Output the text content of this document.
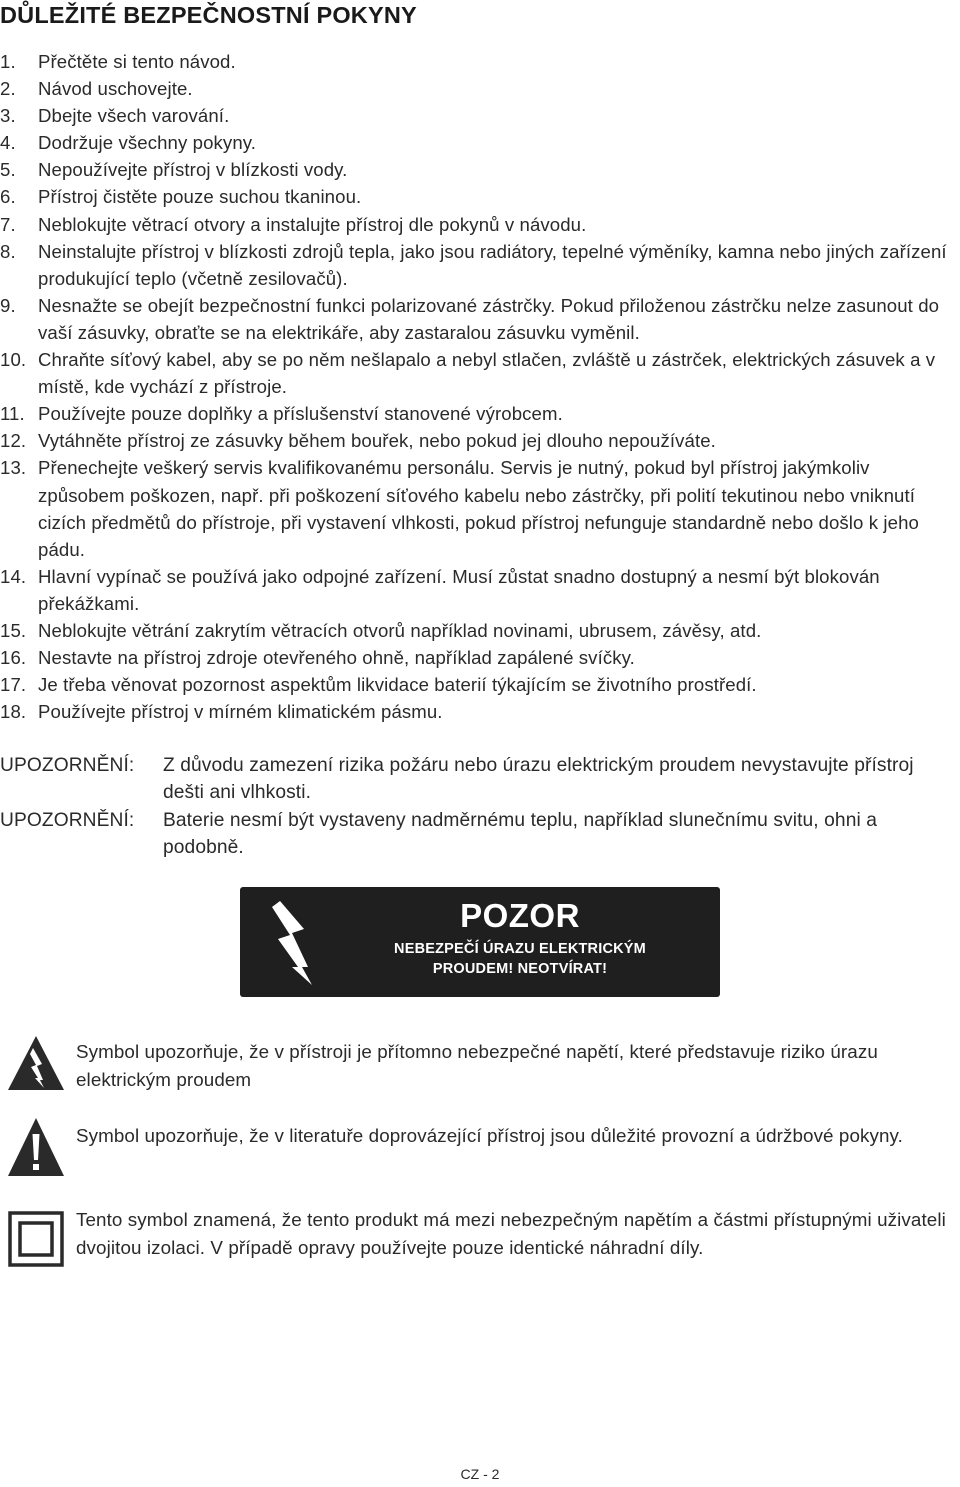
DŮLEŽITÉ BEZPEČNOSTNÍ POKYNY
1. Přečtěte si tento návod.
2. Návod uschovejte.
3. Dbejte všech varování.
4. Dodržuje všechny pokyny.
5. Nepoužívejte přístroj v blízkosti vody.
6. Přístroj čistěte pouze suchou tkaninou.
7. Neblokujte větrací otvory a instalujte přístroj dle pokynů v návodu.
8. Neinstalujte přístroj v blízkosti zdrojů tepla, jako jsou radiátory, tepelné výměníky, kamna nebo jiných zařízení produkující teplo (včetně zesilovačů).
9. Nesnažte se obejít bezpečnostní funkci polarizované zástrčky. Pokud přiloženou zástrčku nelze zasunout do vaší zásuvky, obraťte se na elektrikáře, aby zastaralou zásuvku vyměnil.
10. Chraňte síťový kabel, aby se po něm nešlapalo a nebyl stlačen, zvláště u zástrček, elektrických zásuvek a v místě, kde vychází z přístroje.
11. Používejte pouze doplňky a příslušenství stanovené výrobcem.
12. Vytáhněte přístroj ze zásuvky během bouřek, nebo pokud jej dlouho nepoužíváte.
13. Přenechejte veškerý servis kvalifikovanému personálu. Servis je nutný, pokud byl přístroj jakýmkoliv způsobem poškozen, např. při poškození síťového kabelu nebo zástrčky, při polití tekutinou nebo vniknutí cizích předmětů do přístroje, při vystavení vlhkosti, pokud přístroj nefunguje standardně nebo došlo k jeho pádu.
14. Hlavní vypínač se používá jako odpojné zařízení. Musí zůstat snadno dostupný a nesmí být blokován překážkami.
15. Neblokujte větrání zakrytím větracích otvorů například novinami, ubrusem, závěsy, atd.
16. Nestavte na přístroj zdroje otevřeného ohně, například zapálené svíčky.
17. Je třeba věnovat pozornost aspektům likvidace baterií týkajícím se životního prostředí.
18. Používejte přístroj v mírném klimatickém pásmu.
UPOZORNĚNÍ: Z důvodu zamezení rizika požáru nebo úrazu elektrickým proudem nevystavujte přístroj dešti ani vlhkosti.
UPOZORNĚNÍ: Baterie nesmí být vystaveny nadměrnému teplu, například slunečnímu svitu, ohni a podobně.
POZOR
NEBEZPEČÍ ÚRAZU ELEKTRICKÝM
PROUDEM! NEOTVÍRAT!
Symbol upozorňuje, že v přístroji je přítomno nebezpečné napětí, které představuje riziko úrazu elektrickým proudem
Symbol upozorňuje, že v literatuře doprovázející přístroj jsou důležité provozní a údržbové pokyny.
Tento symbol znamená, že tento produkt má mezi nebezpečným napětím a částmi přístupnými uživateli dvojitou izolaci. V případě opravy používejte pouze identické náhradní díly.
CZ - 2
